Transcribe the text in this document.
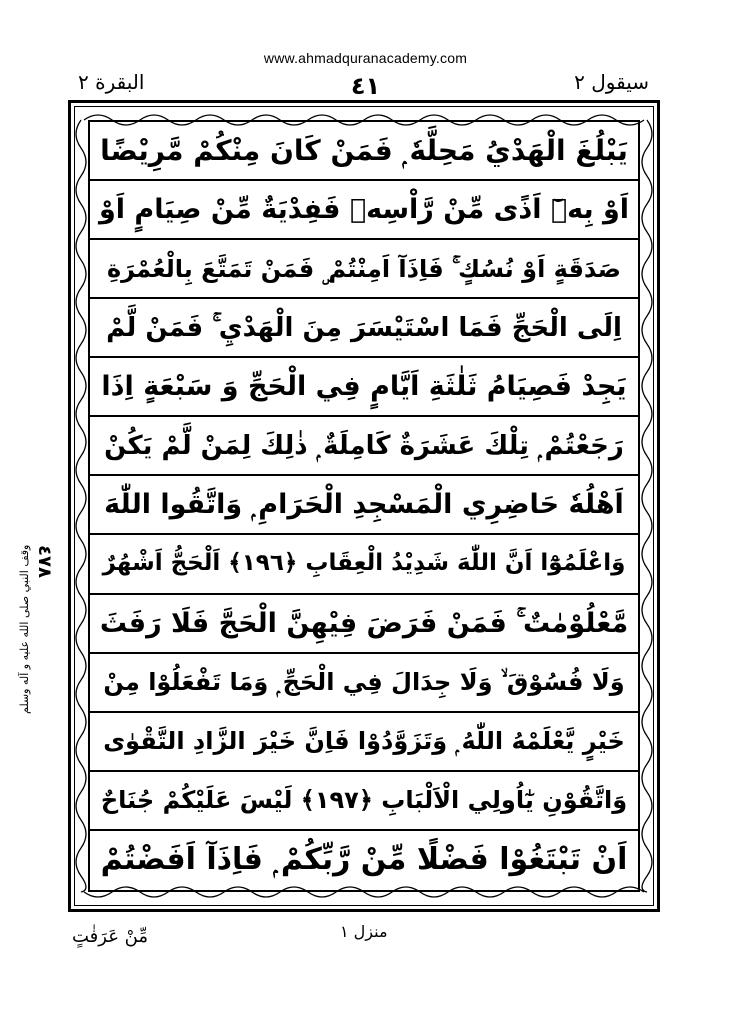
www.ahmadquranacademy.com
البقرة ٢	٤١	سيقول ٢
يَبْلُغَ الْهَدْيُ مَحِلَّهٗ ۭ فَمَنْ كَانَ مِنْكُمْ مَّرِيْضًا
اَوْ بِهٖٓ اَذًى مِّنْ رَّاْسِهٖ فَفِدْيَةٌ مِّنْ صِيَامٍ اَوْ
صَدَقَةٍ اَوْ نُسُكٍ ۚ فَاِذَآ اَمِنْتُمْ ۣ فَمَنْ تَمَتَّعَ بِالْعُمْرَةِ
اِلَى الْحَجِّ فَمَا اسْتَيْسَرَ مِنَ الْهَدْيِ ۚ فَمَنْ لَّمْ
يَجِدْ فَصِيَامُ ثَلٰثَةِ اَيَّامٍ فِي الْحَجِّ وَ سَبْعَةٍ اِذَا
رَجَعْتُمْ ۭ تِلْكَ عَشَرَةٌ كَامِلَةٌ ۭ ذٰلِكَ لِمَنْ لَّمْ يَكُنْ
اَهْلُهٗ حَاضِرِي الْمَسْجِدِ الْحَرَامِ ۭ وَاتَّقُوا اللّٰهَ
وَاعْلَمُوْٓا اَنَّ اللّٰهَ شَدِيْدُ الْعِقَابِ ﴿١٩٦﴾ اَلْحَجُّ اَشْهُرٌ
مَّعْلُوْمٰتٌ ۚ فَمَنْ فَرَضَ فِيْهِنَّ الْحَجَّ فَلَا رَفَثَ
وَلَا فُسُوْقَ ۙ وَلَا جِدَالَ فِي الْحَجِّ ۭ وَمَا تَفْعَلُوْا مِنْ
خَيْرٍ يَّعْلَمْهُ اللّٰهُ ۭ وَتَزَوَّدُوْا فَاِنَّ خَيْرَ الزَّادِ التَّقْوٰى
وَاتَّقُوْنِ يٰٓاُولِي الْاَلْبَابِ ﴿١٩٧﴾ لَيْسَ عَلَيْكُمْ جُنَاحٌ
اَنْ تَبْتَغُوْا فَضْلًا مِّنْ رَّبِّكُمْ ۭ فَاِذَآ اَفَضْتُمْ
٤٧٨
وقف النبي صلى الله عليه و آله وسلم
منزل ١
مِّنْ عَرَفٰتٍ
